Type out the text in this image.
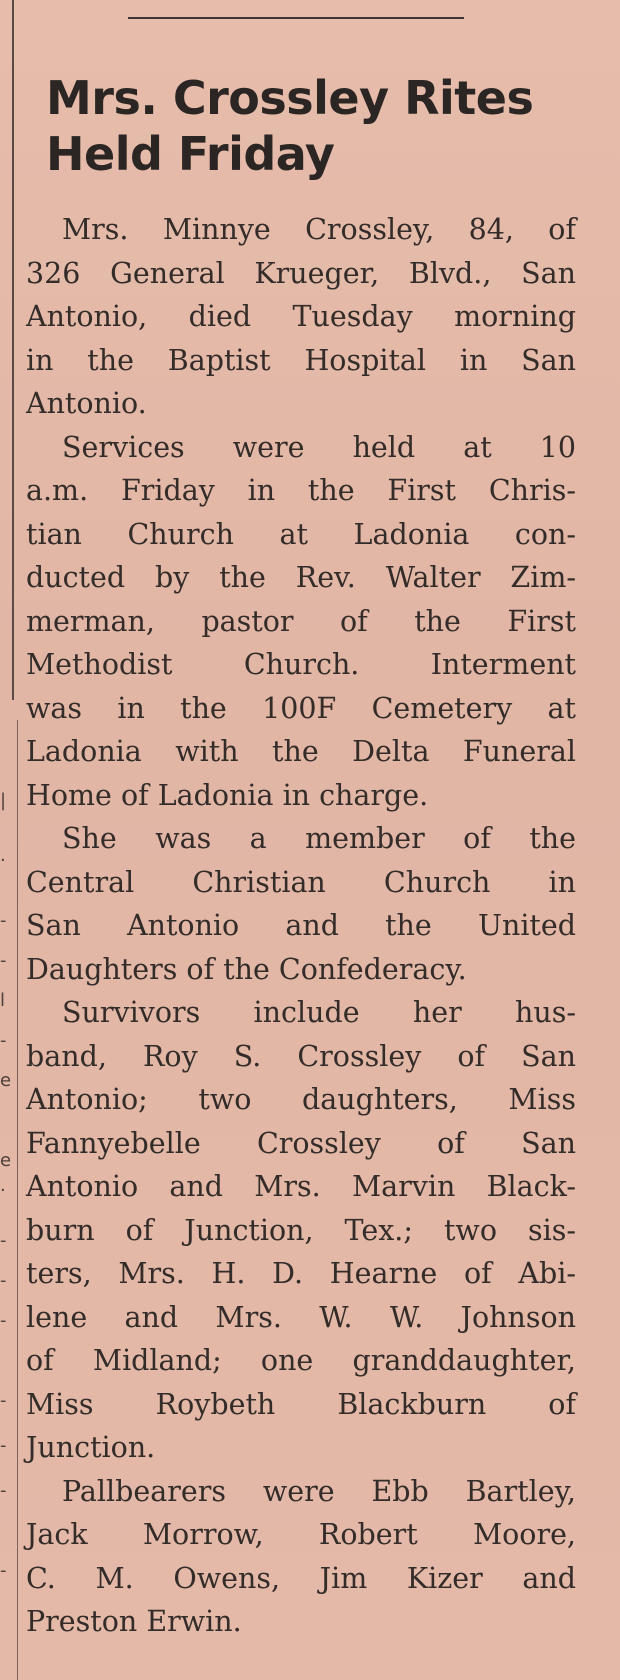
|
·
-
-
l
-
e
e
·
-
-
-
-
-
-
-
Mrs. Crossley Rites
Held Friday
Mrs. Minnye Crossley, 84, of
326 General Krueger, Blvd., San
Antonio, died Tuesday morning
in the Baptist Hospital in San
Antonio.
Services were held at 10
a.m. Friday in the First Chris-
tian Church at Ladonia con-
ducted by the Rev. Walter Zim-
merman, pastor of the First
Methodist Church. Interment
was in the 100F Cemetery at
Ladonia with the Delta Funeral
Home of Ladonia in charge.
She was a member of the
Central Christian Church in
San Antonio and the United
Daughters of the Confederacy.
Survivors include her hus-
band, Roy S. Crossley of San
Antonio; two daughters, Miss
Fannyebelle Crossley of San
Antonio and Mrs. Marvin Black-
burn of Junction, Tex.; two sis-
ters, Mrs. H. D. Hearne of Abi-
lene and Mrs. W. W. Johnson
of Midland; one granddaughter,
Miss Roybeth Blackburn of
Junction.
Pallbearers were Ebb Bartley,
Jack Morrow, Robert Moore,
C. M. Owens, Jim Kizer and
Preston Erwin.
